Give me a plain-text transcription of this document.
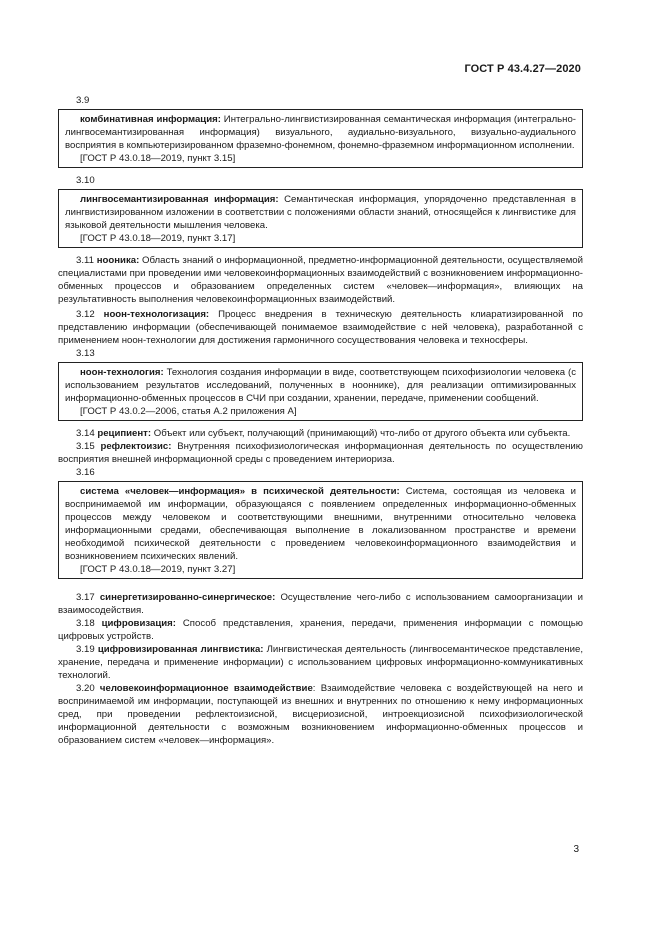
ГОСТ Р 43.4.27—2020
3.9

комбинативная информация: Интегрально-лингвистизированная семантическая информация (интегрально-лингвосемантизированная информация) визуального, аудиально-визуального, визуально-аудиального восприятия в компьютеризированном фраземно-фонемном, фонемно-фраземном информационном исполнении.

[ГОСТ Р 43.0.18—2019, пункт 3.15]
3.10

лингвосемантизированная информация: Семантическая информация, упорядоченно представленная в лингвистизированном изложении в соответствии с положениями области знаний, относящейся к лингвистике для языковой деятельности мышления человека.

[ГОСТ Р 43.0.18—2019, пункт 3.17]

3.11 нооника: Область знаний о информационной, предметно-информационной деятельности, осуществляемой специалистами при проведении ими человекоинформационных взаимодействий с возникновением информационно-обменных процессов и образованием определенных систем «человек—информация», влияющих на результативность выполнения человекоинформационных взаимодействий.

3.12 ноон-технологизация: Процесс внедрения в техническую деятельность клиаратизированной по представлению информации (обеспечивающей понимаемое взаимодействие с ней человека), разработанной с применением ноон-технологии для достижения гармоничного сосуществования человека и техносферы.

3.13

ноон-технология: Технология создания информации в виде, соответствующем психофизиологии человека (с использованием результатов исследований, полученных в нооннике), для реализации оптимизированных информационно-обменных процессов в СЧИ при создании, хранении, передаче, применении сообщений.

[ГОСТ Р 43.0.2—2006, статья А.2 приложения А]

3.14 реципиент: Объект или субъект, получающий (принимающий) что-либо от другого объекта или субъекта.

3.15 рефлектоизис: Внутренняя психофизиологическая информационная деятельность по осуществлению восприятия внешней информационной среды с проведением интериориза.

3.16

система «человек—информация» в психической деятельности: Система, состоящая из человека и воспринимаемой им информации, образующаяся с появлением определенных информационно-обменных процессов между человеком и соответствующими внешними, внутренними относительно человека информационными средами, обеспечивающая выполнение в локализованном пространстве и времени необходимой психической деятельности с проведением человекоинформационного взаимодействия и возникновением психических явлений.

[ГОСТ Р 43.0.18—2019, пункт 3.27]

3.17 синергетизированно-синергическое: Осуществление чего-либо с использованием самоорганизации и взаимосодействия.

3.18 цифровизация: Способ представления, хранения, передачи, применения информации с помощью цифровых устройств.

3.19 цифровизированная лингвистика: Лингвистическая деятельность (лингвосемантическое представление, хранение, передача и применение информации) с использованием цифровых информационно-коммуникативных технологий.

3.20 человекоинформационное взаимодействие: Взаимодействие человека с воздействующей на него и воспринимаемой им информации, поступающей из внешних и внутренних по отношению к нему информационных сред, при проведении рефлектоизисной, висцериозисной, интроекциозисной психофизиологической информационной деятельности с возможным возникновением информационно-обменных процессов и образованием систем «человек—информация».

3
